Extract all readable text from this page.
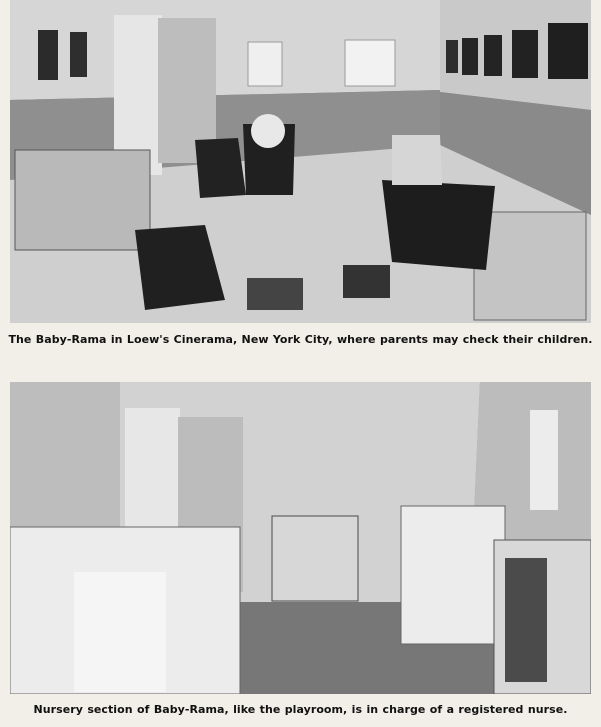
The Baby-Rama in Loew's Cinerama, New York City, where parents may check their children.
Nursery section of Baby-Rama, like the playroom, is in charge of a registered nurse.
